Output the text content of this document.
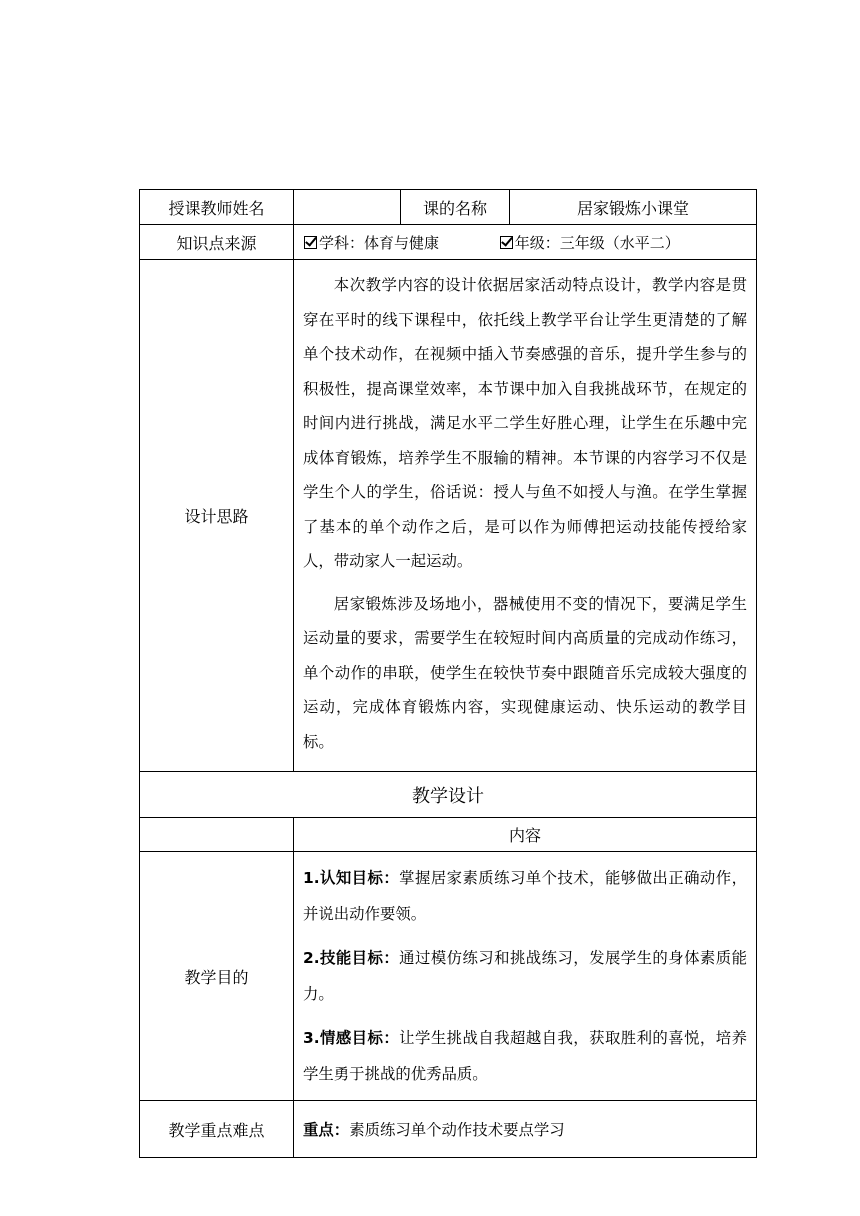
授课教师姓名		课的名称	居家锻炼小课堂
知识点来源	学科：体育与健康 年级：三年级（水平二）		
设计思路	本次教学内容的设计依据居家活动特点设计，教学内容是贯穿在平时的线下课程中，依托线上教学平台让学生更清楚的了解单个技术动作，在视频中插入节奏感强的音乐，提升学生参与的积极性，提高课堂效率，本节课中加入自我挑战环节，在规定的时间内进行挑战，满足水平二学生好胜心理，让学生在乐趣中完成体育锻炼，培养学生不服输的精神。本节课的内容学习不仅是学生个人的学生，俗话说：授人与鱼不如授人与渔。在学生掌握了基本的单个动作之后，是可以作为师傅把运动技能传授给家人，带动家人一起运动。

居家锻炼涉及场地小，器械使用不变的情况下，要满足学生运动量的要求，需要学生在较短时间内高质量的完成动作练习，单个动作的串联，使学生在较快节奏中跟随音乐完成较大强度的运动，完成体育锻炼内容，实现健康运动、快乐运动的教学目标。		

教学设计			
	内容		
教学目的	1.认知目标：掌握居家素质练习单个技术，能够做出正确动作，并说出动作要领。

2.技能目标：通过模仿练习和挑战练习，发展学生的身体素质能力。

3.情感目标：让学生挑战自我超越自我，获取胜利的喜悦，培养学生勇于挑战的优秀品质。		

教学重点难点	重点：素质练习单个动作技术要点学习		
